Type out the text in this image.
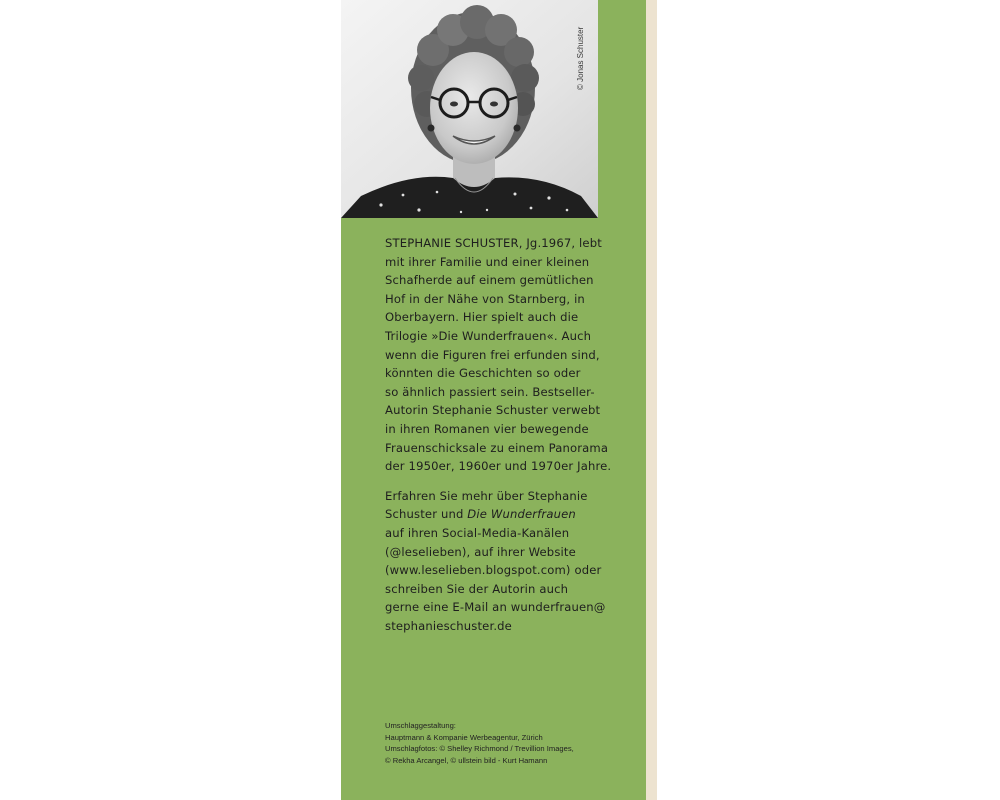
© Jonas Schuster

STEPHANIE SCHUSTER, Jg.1967, lebt
mit ihrer Familie und einer kleinen
Schafherde auf einem gemütlichen
Hof in der Nähe von Starnberg, in
Oberbayern. Hier spielt auch die
Trilogie »Die Wunderfrauen«. Auch
wenn die Figuren frei erfunden sind,
könnten die Geschichten so oder
so ähnlich passiert sein. Bestseller-
Autorin Stephanie Schuster verwebt
in ihren Romanen vier bewegende
Frauenschicksale zu einem Panorama
der 1950er, 1960er und 1970er Jahre.

Erfahren Sie mehr über Stephanie
Schuster und Die Wunderfrauen
auf ihren Social-Media-Kanälen
(@leselieben), auf ihrer Website
(www.leselieben.blogspot.com) oder
schreiben Sie der Autorin auch
gerne eine E-Mail an wunderfrauen@
stephanieschuster.de

Umschlaggestaltung:
Hauptmann & Kompanie Werbeagentur, Zürich
Umschlagfotos: © Shelley Richmond / Trevillion Images,
© Rekha Arcangel, © ullstein bild - Kurt Hamann
